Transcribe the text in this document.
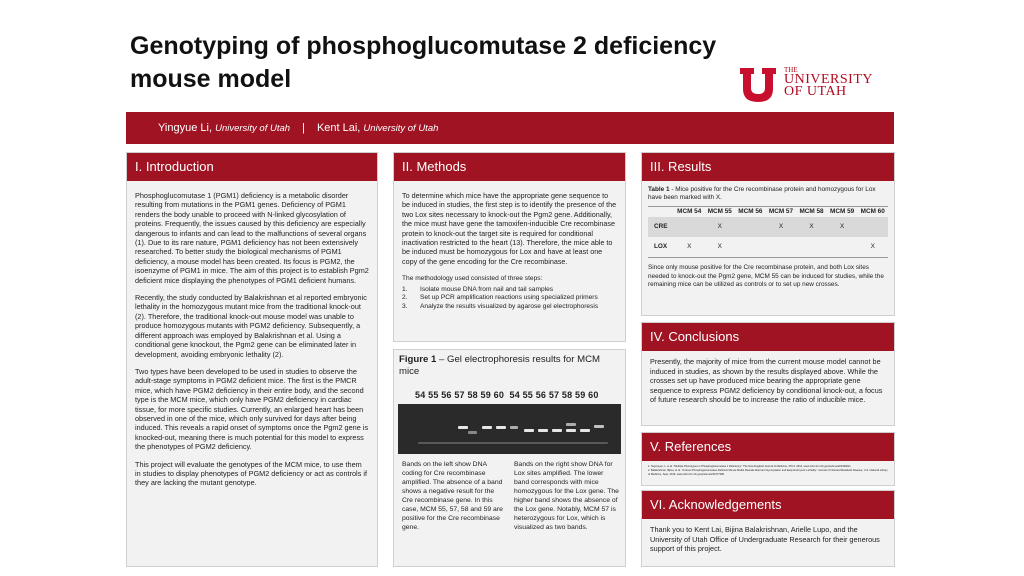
Genotyping of phosphoglucomutase 2 deficiency mouse model	THE
UNIVERSITY
OF UTAH
Yingyue Li, University of Utah | Kent Lai, University of Utah
I. Introduction

Phosphoglucomutase 1 (PGM1) deficiency is a metabolic disorder resulting from mutations in the PGM1 genes. Deficiency of PGM1 renders the body unable to proceed with N-linked glycosylation of proteins. Frequently, the issues caused by this deficiency are especially dangerous to infants and can lead to the malfunctions of several organs (1). Due to its rare nature, PGM1 deficiency has not been extensively researched. To better study the biological mechanisms of PGM1 deficiency, a mouse model has been created. Its focus is PGM2, the isoenzyme of PGM1 in mice. The aim of this project is to establish Pgm2 deficient mice displaying the phenotypes of PGM1 deficient humans.

Recently, the study conducted by Balakrishnan et al reported embryonic lethality in the homozygous mutant mice from the traditional knock-out (2). Therefore, the traditional knock-out mouse model was unable to produce homozygous mutants with PGM2 deficiency. Subsequently, a different approach was employed by Balakrishnan et al. Using a conditional gene knockout, the Pgm2 gene can be eliminated later in development, avoiding embryonic lethality (2).

Two types have been developed to be used in studies to observe the adult-stage symptoms in PGM2 deficient mice. The first is the PMCR mice, which have PGM2 deficiency in their entire body, and the second type is the MCM mice, which only have PGM2 deficiency in cardiac tissue, for more specific studies. Currently, an enlarged heart has been observed in one of the mice, which only survived for days after being induced. This reveals a rapid onset of symptoms once the Pgm2 gene is knocked-out, meaning there is much potential for this model to express the phenotypes of PGM2 deficiency.

This project will evaluate the genotypes of the MCM mice, to use them in studies to display phenotypes of PGM2 deficiency or act as controls if they are lacking the mutant genotype.

II. Methods

To determine which mice have the appropriate gene sequence to be induced in studies, the first step is to identify the presence of the two Lox sites necessary to knock-out the Pgm2 gene. Additionally, the mice must have gene the tamoxifen-inducible Cre recombinase protein to knock-out the target site is required for conditional inactivation restricted to the heart (13). Therefore, the mice able to be induced must be homozygous for Lox and have at least one copy of the gene encoding for the Cre recombinase.

The methodology used consisted of three steps:

1.	Isolate mouse DNA from nail and tail samples
2.	Set up PCR amplification reactions using specialized primers
3.	Analyze the results visualized by agarose gel electrophoresis
Figure 1 – Gel electrophoresis results for MCM mice
54 55 56 57 58 59 60 54 55 56 57 58 59 60
Bands on the left show DNA coding for Cre recombinase amplified. The absence of a band shows a negative result for the Cre recombinase gene. In this case, MCM 55, 57, 58 and 59 are positive for the Cre recombinase gene.
Bands on the right show DNA for Lox sites amplified. The lower band corresponds with mice homozygous for the Lox gene. The higher band shows the absence of the Lox gene. Notably, MCM 57 is heterozygous for Lox, which is visualized as two bands.
III. Results
Table 1 - Mice positive for the Cre recombinase protein and homozygous for Lox have been marked with X.
	MCM 54	MCM 55	MCM 56	MCM 57	MCM 58	MCM 59	MCM 60
CRE		X		X	X	X	
LOX	X	X					X
Since only mouse positive for the Cre recombinase protein, and both Lox sites needed to knock-out the Pgm2 gene, MCM 55 can be induced for studies, while the remaining mice can be utilized as controls or to set up new crosses.
IV. Conclusions
Presently, the majority of mice from the current mouse model cannot be induced in studies, as shown by the results displayed above. While the crosses set up have produced mice bearing the appropriate gene sequence to express PGM2 deficiency by conditional knock-out, a focus of future research should be to increase the ratio of inducible mice.
V. References
1. Tegtmeyer, L. et al. "Multiple Phenotypes in Phosphoglucomutase 1 Deficiency." The New England Journal of Medicine, 370.6, 2014, www.ncbi.nlm.nih.gov/pubmed/24499211
2. Balakrishnan, Bijina, et al. "A Novel Phosphoglucomutase-Deficient Mouse Model Reveals Aberrant Glycosylation and Early Embryonic Lethality." Journal of Inherited Metabolic Disease, U.S. National Library of Medicine, Sept. 2019, www.ncbi.nlm.nih.gov/pubmed/31077389
VI. Acknowledgements
Thank you to Kent Lai, Bijina Balakrishnan, Arielle Lupo, and the University of Utah Office of Undergraduate Research for their generous support of this project.
